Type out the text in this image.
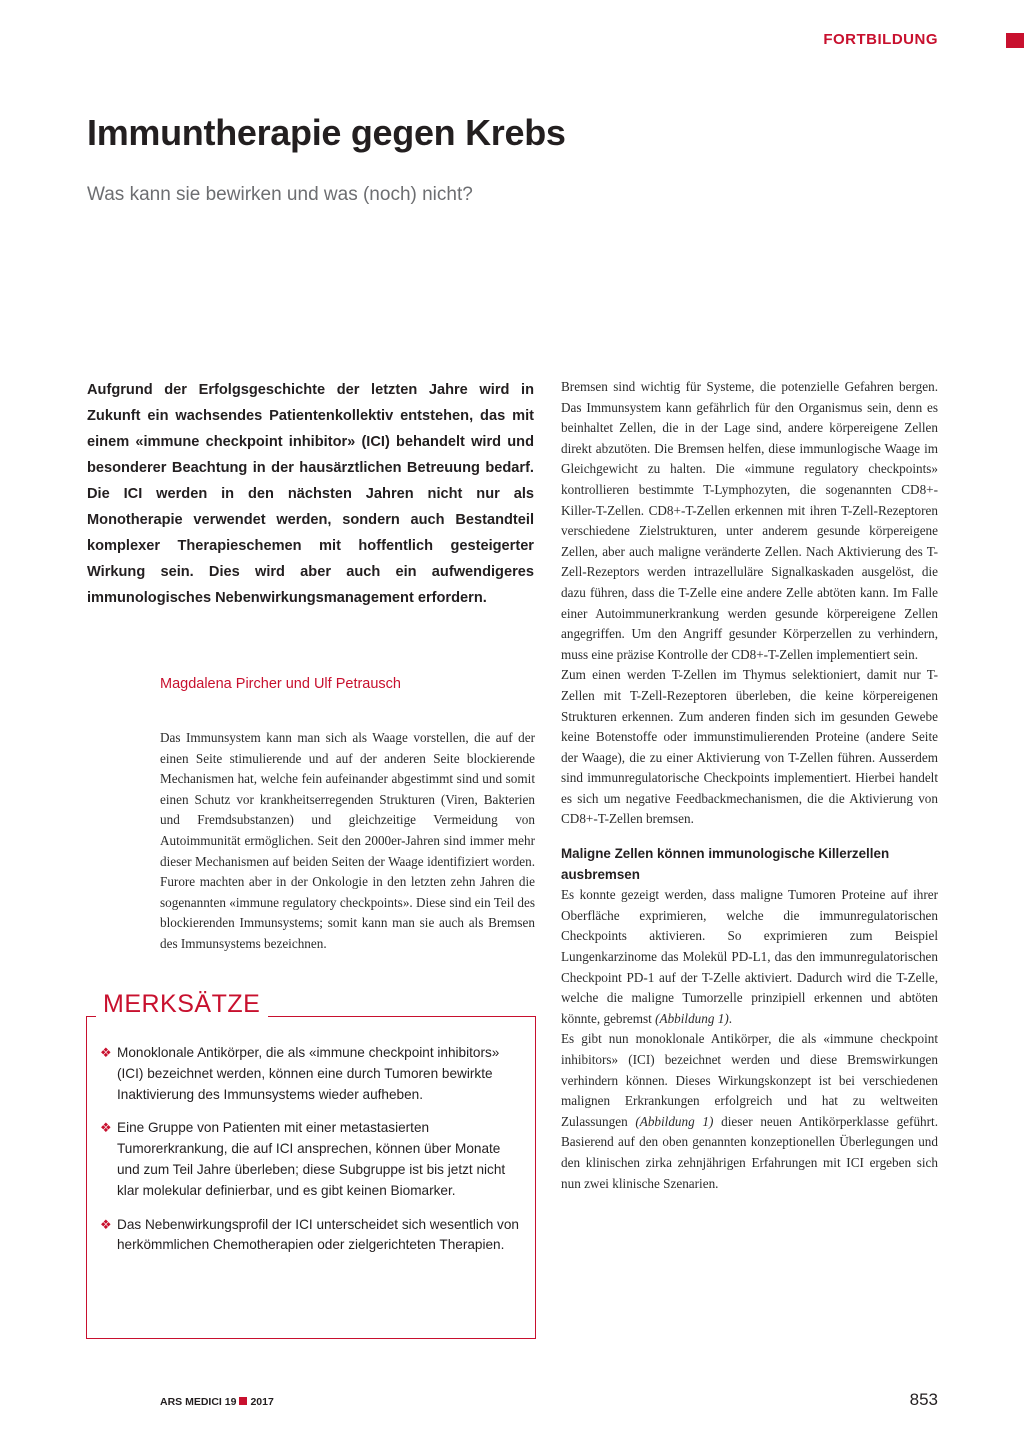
FORTBILDUNG
Immuntherapie gegen Krebs
Was kann sie bewirken und was (noch) nicht?

Aufgrund der Erfolgsgeschichte der letzten Jahre wird in Zukunft ein wachsendes Patientenkollektiv entstehen, das mit einem «immune checkpoint inhibitor» (ICI) behandelt wird und besonderer Beachtung in der hausärztlichen Betreuung bedarf. Die ICI werden in den nächsten Jahren nicht nur als Monotherapie verwendet werden, sondern auch Bestandteil komplexer Therapieschemen mit hoffentlich gesteigerter Wirkung sein. Dies wird aber auch ein aufwendigeres immunologisches Nebenwirkungsmanagement erfordern.

Magdalena Pircher und Ulf Petrausch

Das Immunsystem kann man sich als Waage vorstellen, die auf der einen Seite stimulierende und auf der anderen Seite blockierende Mechanismen hat, welche fein aufeinander abgestimmt sind und somit einen Schutz vor krankheitserregenden Strukturen (Viren, Bakterien und Fremdsubstanzen) und gleichzeitige Vermeidung von Autoimmunität ermöglichen. Seit den 2000er-Jahren sind immer mehr dieser Mechanismen auf beiden Seiten der Waage identifiziert worden. Furore machten aber in der Onkologie in den letzten zehn Jahren die sogenannten «immune regulatory checkpoints». Diese sind ein Teil des blockierenden Immunsystems; somit kann man sie auch als Bremsen des Immunsystems bezeichnen.

MERKSÄTZE
❖ Monoklonale Antikörper, die als «immune checkpoint inhibitors» (ICI) bezeichnet werden, können eine durch Tumoren bewirkte Inaktivierung des Immunsystems wieder aufheben.
❖ Eine Gruppe von Patienten mit einer metastasierten Tumorerkrankung, die auf ICI ansprechen, können über Monate und zum Teil Jahre überleben; diese Subgruppe ist bis jetzt nicht klar molekular definierbar, und es gibt keinen Biomarker.
❖ Das Nebenwirkungsprofil der ICI unterscheidet sich wesentlich von herkömmlichen Chemotherapien oder zielgerichteten Therapien.

Bremsen sind wichtig für Systeme, die potenzielle Gefahren bergen. Das Immunsystem kann gefährlich für den Organismus sein, denn es beinhaltet Zellen, die in der Lage sind, andere körpereigene Zellen direkt abzutöten. Die Bremsen helfen, diese immunlogische Waage im Gleichgewicht zu halten. Die «immune regulatory checkpoints» kontrollieren bestimmte T-Lymphozyten, die sogenannten CD8+-Killer-T-Zellen. CD8+-T-Zellen erkennen mit ihren T-Zell-Rezeptoren verschiedene Zielstrukturen, unter anderem gesunde körpereigene Zellen, aber auch maligne veränderte Zellen. Nach Aktivierung des T-Zell-Rezeptors werden intrazelluläre Signalkaskaden ausgelöst, die dazu führen, dass die T-Zelle eine andere Zelle abtöten kann. Im Falle einer Autoimmunerkrankung werden gesunde körpereigene Zellen angegriffen. Um den Angriff gesunder Körperzellen zu verhindern, muss eine präzise Kontrolle der CD8+-T-Zellen implementiert sein.

Zum einen werden T-Zellen im Thymus selektioniert, damit nur T-Zellen mit T-Zell-Rezeptoren überleben, die keine körpereigenen Strukturen erkennen. Zum anderen finden sich im gesunden Gewebe keine Botenstoffe oder immunstimulierenden Proteine (andere Seite der Waage), die zu einer Aktivierung von T-Zellen führen. Ausserdem sind immunregulatorische Checkpoints implementiert. Hierbei handelt es sich um negative Feedbackmechanismen, die die Aktivierung von CD8+-T-Zellen bremsen.

Maligne Zellen können immunologische Killerzellen ausbremsen

Es konnte gezeigt werden, dass maligne Tumoren Proteine auf ihrer Oberfläche exprimieren, welche die immunregulatorischen Checkpoints aktivieren. So exprimieren zum Beispiel Lungenkarzinome das Molekül PD-L1, das den immunregulatorischen Checkpoint PD-1 auf der T-Zelle aktiviert. Dadurch wird die T-Zelle, welche die maligne Tumorzelle prinzipiell erkennen und abtöten könnte, gebremst (Abbildung 1).

Es gibt nun monoklonale Antikörper, die als «immune checkpoint inhibitors» (ICI) bezeichnet werden und diese Bremswirkungen verhindern können. Dieses Wirkungskonzept ist bei verschiedenen malignen Erkrankungen erfolgreich und hat zu weltweiten Zulassungen (Abbildung 1) dieser neuen Antikörperklasse geführt. Basierend auf den oben genannten konzeptionellen Überlegungen und den klinischen zirka zehnjährigen Erfahrungen mit ICI ergeben sich nun zwei klinische Szenarien.

ARS MEDICI 19 2017	853
